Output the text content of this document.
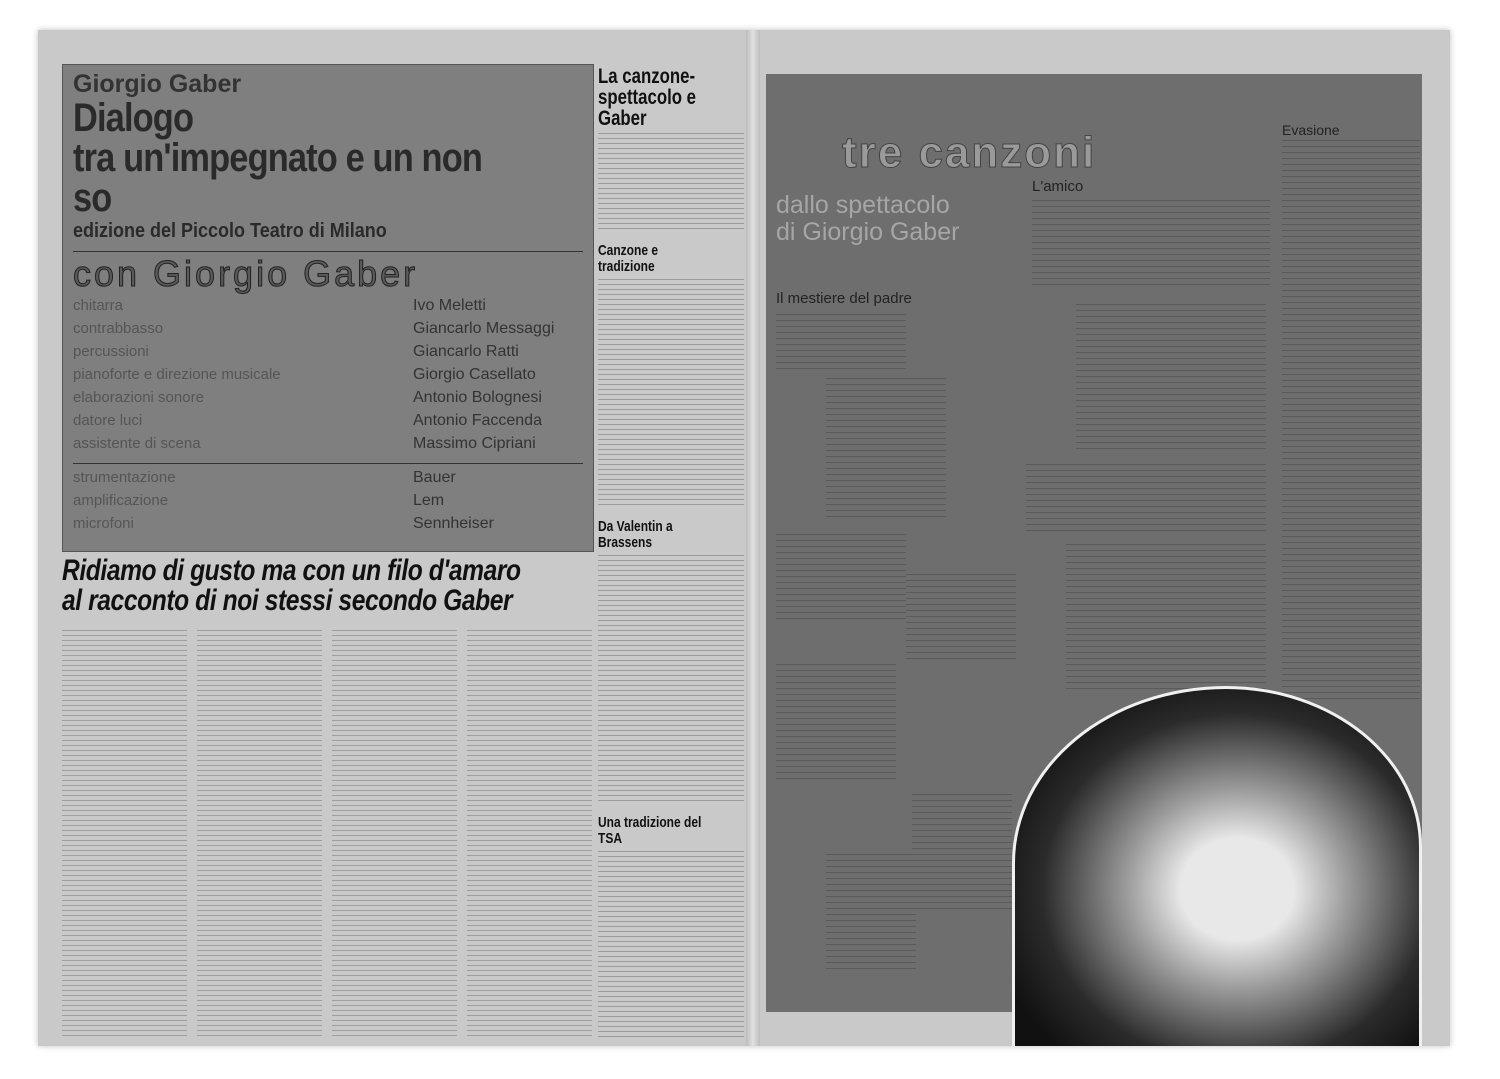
Giorgio Gaber
Dialogo
tra un'impegnato e un non so
edizione del Piccolo Teatro di Milano
con Giorgio Gaber
chitarra	Ivo Meletti
contrabbasso	Giancarlo Messaggi
percussioni	Giancarlo Ratti
pianoforte e direzione musicale	Giorgio Casellato
elaborazioni sonore	Antonio Bolognesi
datore luci	Antonio Faccenda
assistente di scena	Massimo Cipriani
strumentazione	Bauer
amplificazione	Lem
microfoni	Sennheiser
Ridiamo di gusto ma con un filo d'amaro
al racconto di noi stessi secondo Gaber
La canzone-spettacolo e Gaber
Canzone e tradizione
Da Valentin a Brassens
Una tradizione del TSA
tre canzoni
dallo spettacolo
di Giorgio Gaber
L'amico
Evasione
Il mestiere del padre
